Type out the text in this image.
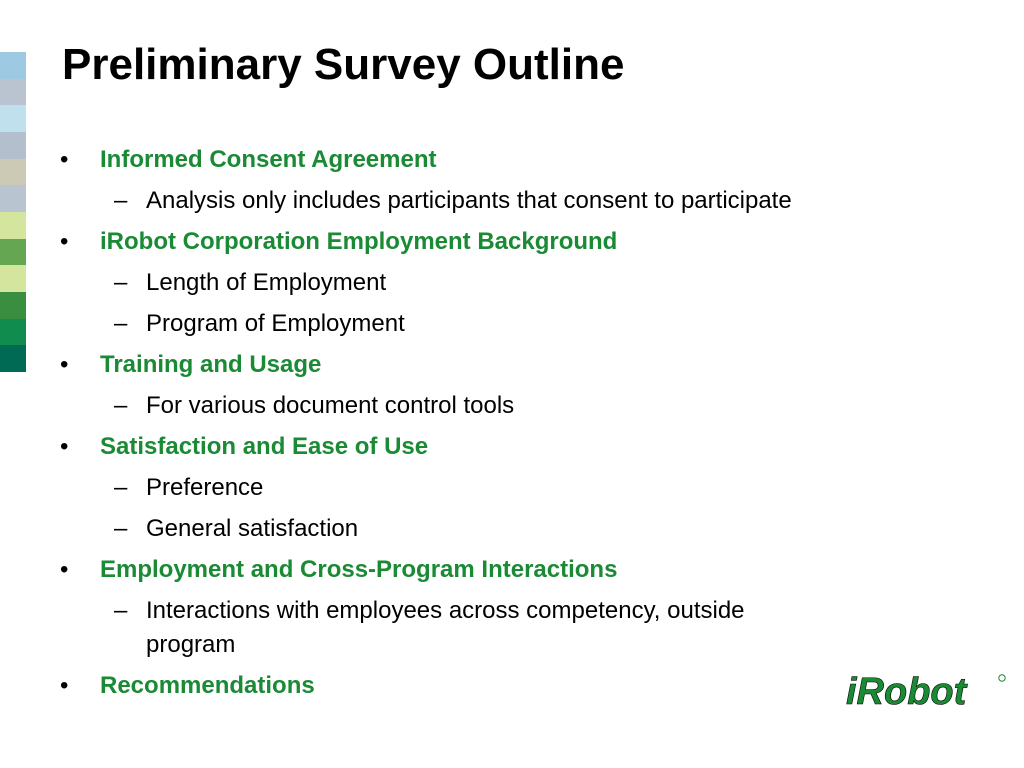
Preliminary Survey Outline
• Informed Consent Agreement
– Analysis only includes participants that consent to participate
• iRobot Corporation Employment Background
– Length of Employment
– Program of Employment
• Training and Usage
– For various document control tools
• Satisfaction and Ease of Use
– Preference
– General satisfaction
• Employment and Cross-Program Interactions
– Interactions with employees across competency, outside
program
• Recommendations	iRobot
